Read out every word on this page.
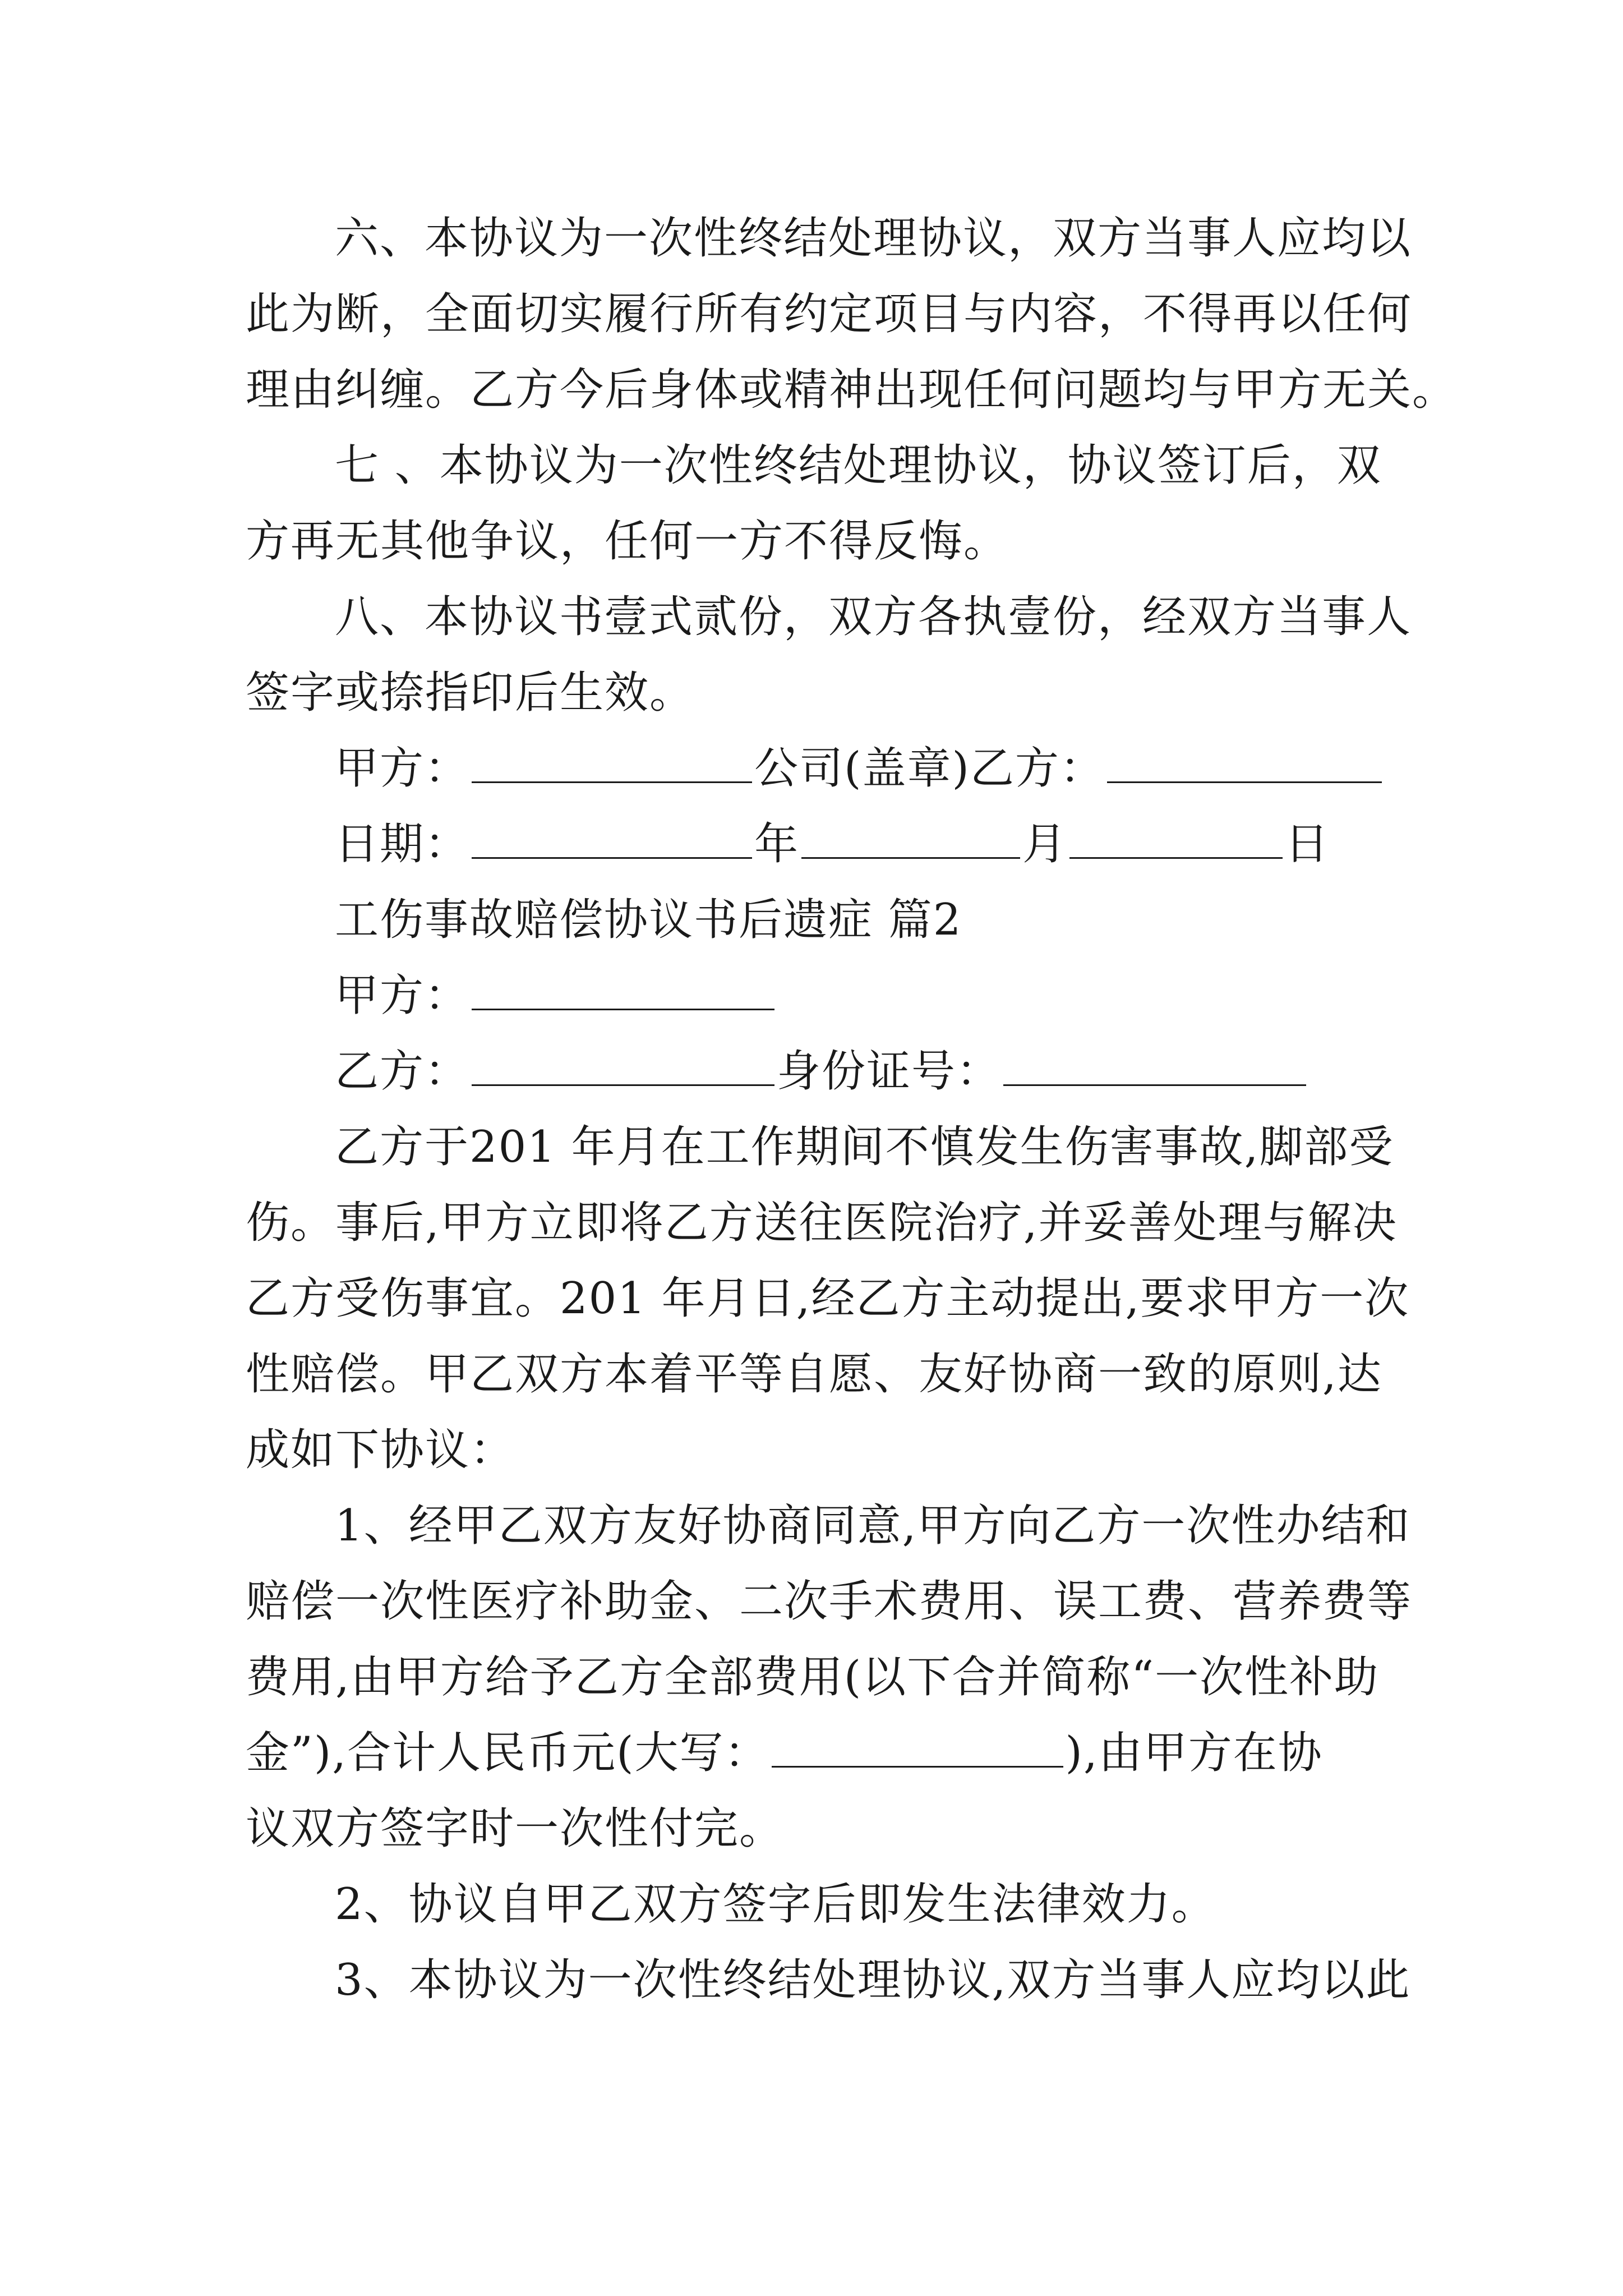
六、本协议为一次性终结处理协议，双方当事人应均以
此为断，全面切实履行所有约定项目与内容，不得再以任何
理由纠缠。乙方今后身体或精神出现任何问题均与甲方无关。
七 、本协议为一次性终结处理协议，协议签订后，双
方再无其他争议，任何一方不得反悔。
八、本协议书壹式贰份，双方各执壹份，经双方当事人
签字或捺指印后生效。
甲方：	公司(盖章)乙方：
日期：	年	月	日
工伤事故赔偿协议书后遗症 篇2
甲方：
乙方：	身份证号：
乙方于201 年月在工作期间不慎发生伤害事故,脚部受
伤。事后,甲方立即将乙方送往医院治疗,并妥善处理与解决
乙方受伤事宜。201 年月日,经乙方主动提出,要求甲方一次
性赔偿。甲乙双方本着平等自愿、友好协商一致的原则,达
成如下协议：
1、经甲乙双方友好协商同意,甲方向乙方一次性办结和
赔偿一次性医疗补助金、二次手术费用、误工费、营养费等
费用,由甲方给予乙方全部费用(以下合并简称“一次性补助
金”),合计人民币元(大写：	),由甲方在协
议双方签字时一次性付完。
2、协议自甲乙双方签字后即发生法律效力。
3、本协议为一次性终结处理协议,双方当事人应均以此
